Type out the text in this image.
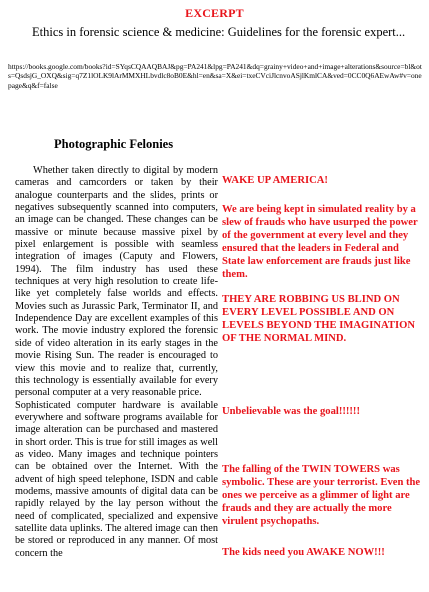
EXCERPT
Ethics in forensic science & medicine: Guidelines for the forensic expert...
https://books.google.com/books?id=SYqsCQAAQBAJ&pg=PA241&lpg=PA241&dq=grainy+video+and+image+alterations&source=bl&ots=QsdsjG_OXQ&sig=q7Z1lOLK9lArMMXHLbvdlc8oB0E&hl=en&sa=X&ei=txeCVciJlcnvoASjlKmlCA&ved=0CC0Q6AEwAw#v=onepage&q&f=false
Photographic Felonies

Whether taken directly to digital by modern cameras and camcorders or taken by their analogue counterparts and the slides, prints or negatives subsequently scanned into computers, an image can be changed. These changes can be massive or minute because massive pixel by pixel enlargement is possible with seamless integration of images (Caputy and Flowers, 1994). The film industry has used these techniques at very high resolution to create life-like yet completely false worlds and effects. Movies such as Jurassic Park, Terminator II, and Independence Day are excellent examples of this work. The movie industry explored the forensic side of video alteration in its early stages in the movie Rising Sun. The reader is encouraged to view this movie and to realize that, currently, this technology is essentially available for every personal computer at a very reasonable price.

Sophisticated computer hardware is available everywhere and software programs available for image alteration can be purchased and mastered in short order. This is true for still images as well as video. Many images and technique pointers can be obtained over the Internet. With the advent of high speed telephone, ISDN and cable modems, massive amounts of digital data can be rapidly relayed by the lay person without the need of complicated, specialized and expensive satellite data uplinks. The altered image can then be stored or reproduced in any manner. Of most concern the

WAKE UP AMERICA!

We are being kept in simulated reality by a slew of frauds who have usurped the power of the government at every level and they ensured that the leaders in Federal and State law enforcement are frauds just like them.

THEY ARE ROBBING US BLIND ON EVERY LEVEL POSSIBLE AND ON LEVELS BEYOND THE IMAGINATION OF THE NORMAL MIND.

Unbelievable was the goal!!!!!!

The falling of the TWIN TOWERS was symbolic. These are your terrorist. Even the ones we perceive as a glimmer of light are frauds and they are actually the more virulent psychopaths.

The kids need you AWAKE NOW!!!
